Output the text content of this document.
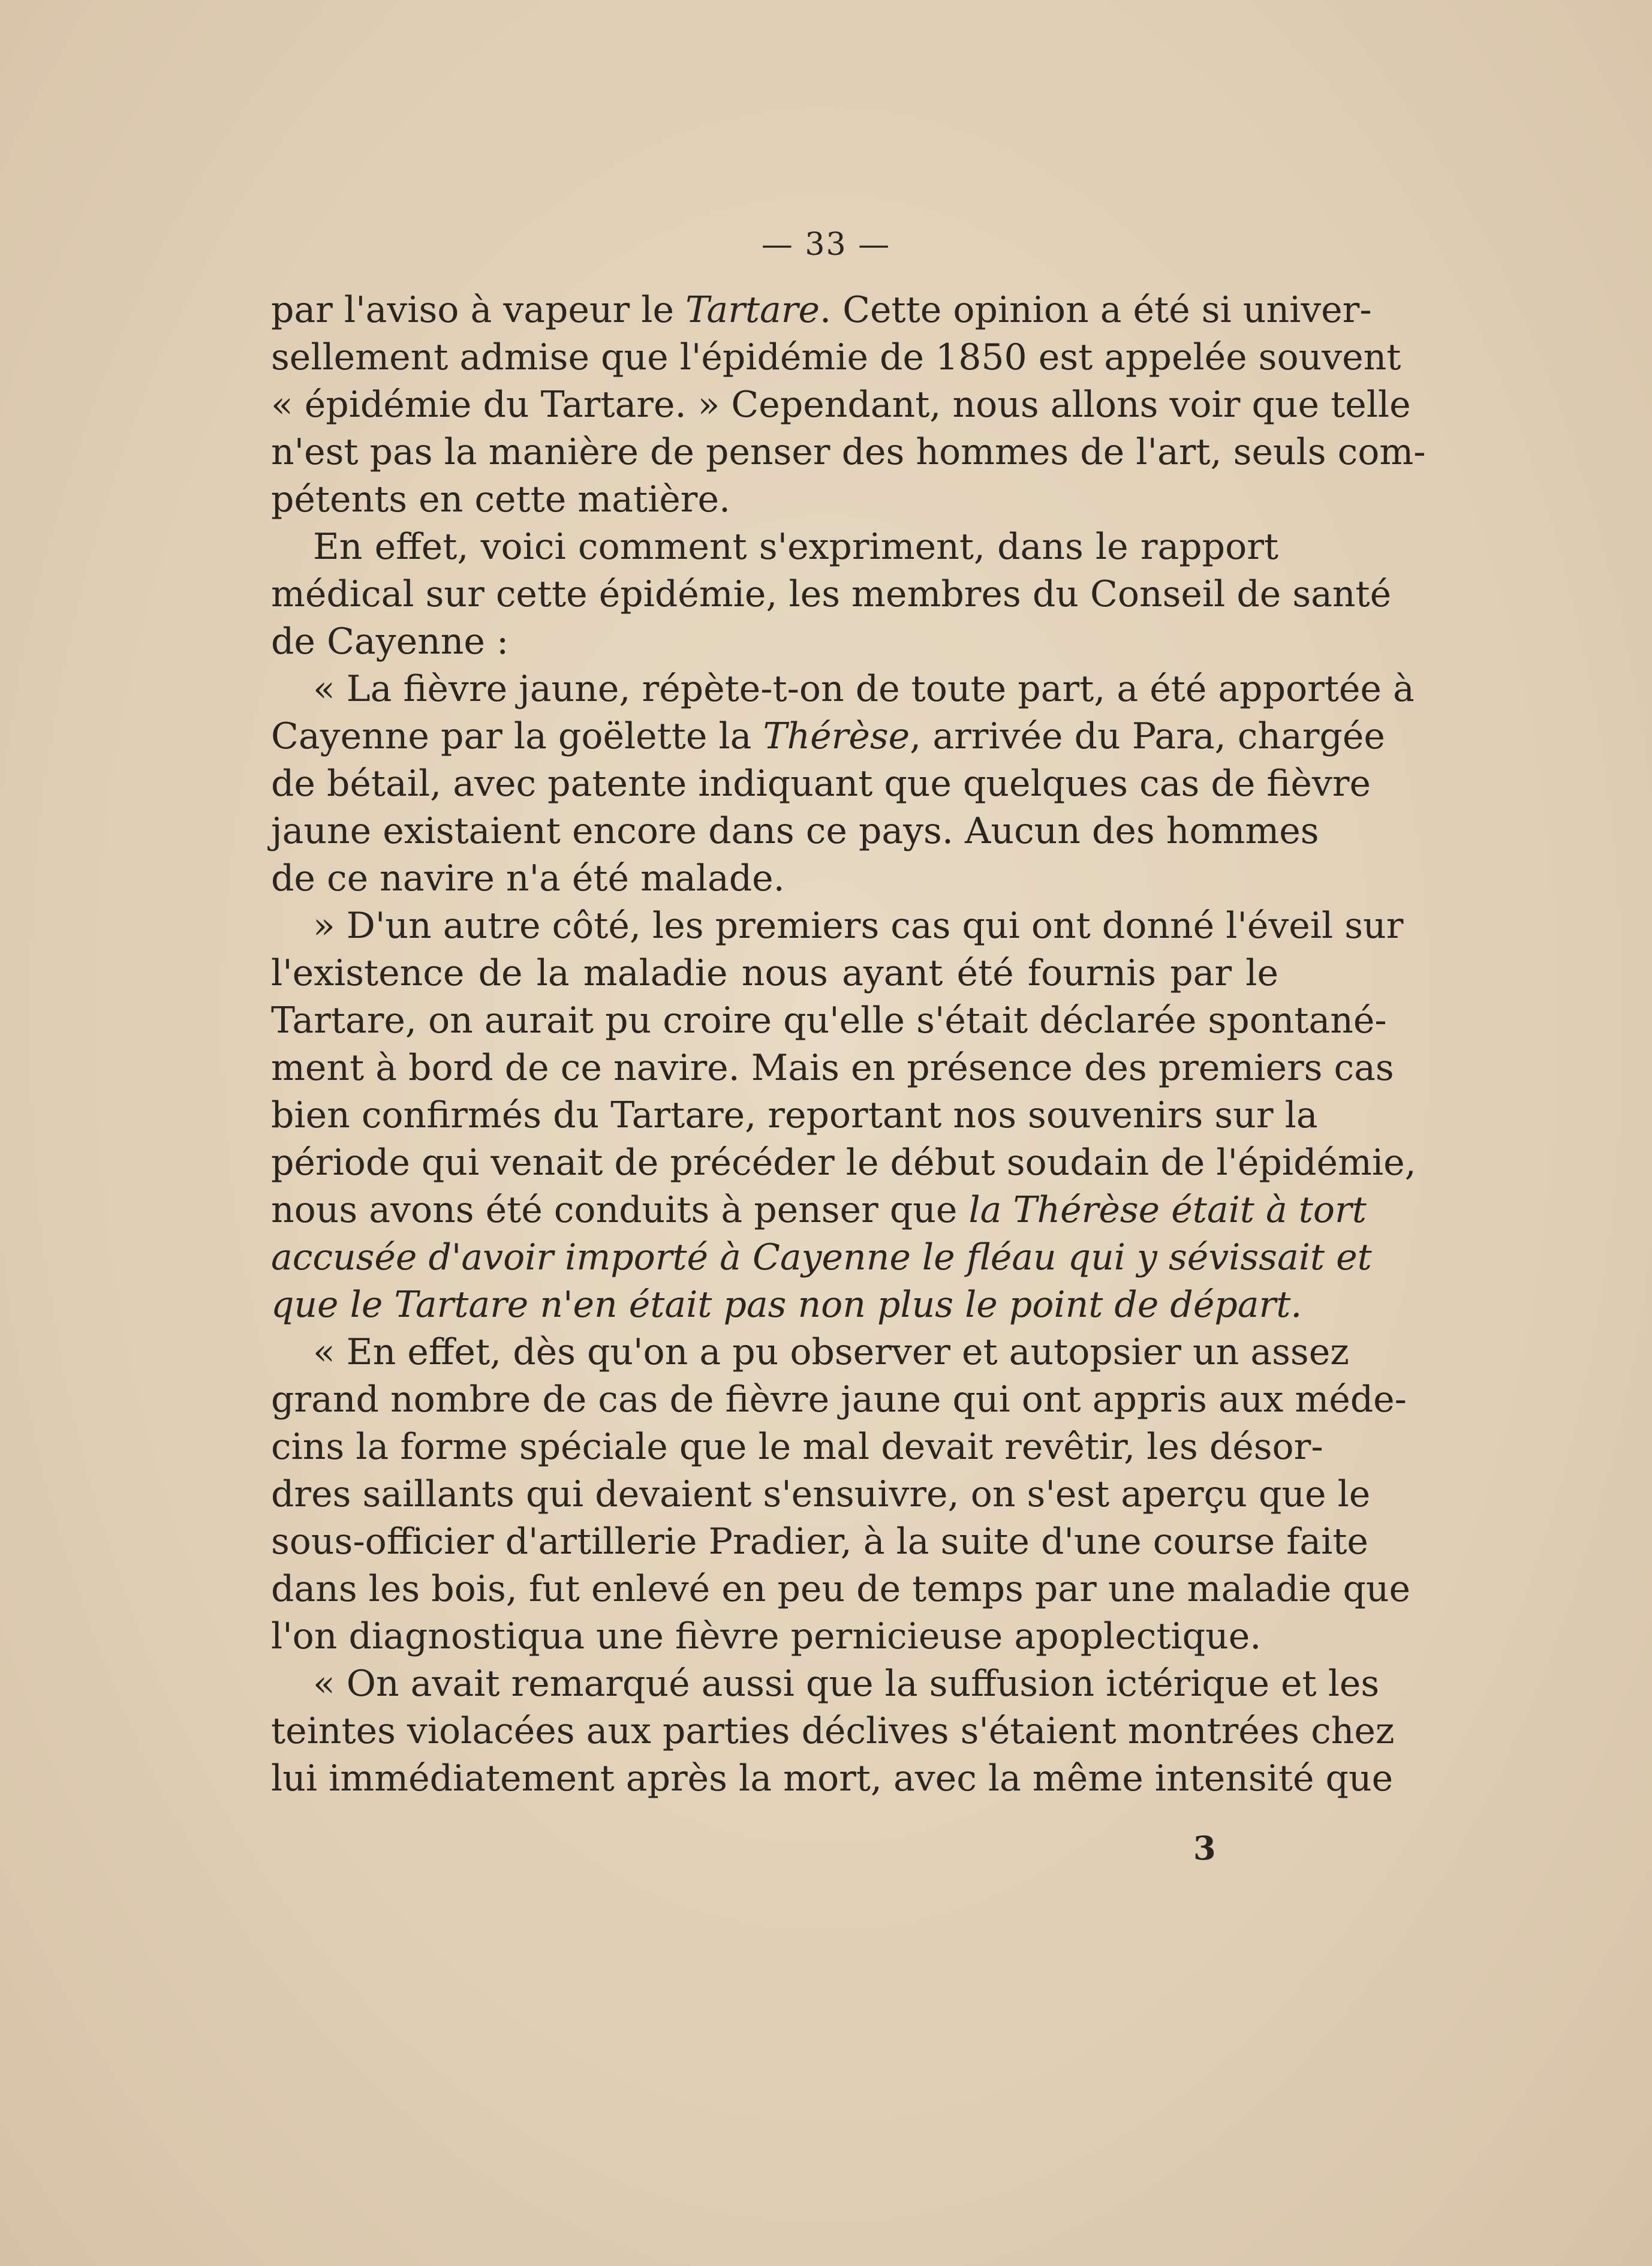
— 33 —
par l'aviso à vapeur le Tartare. Cette opinion a été si univer-
sellement admise que l'épidémie de 1850 est appelée souvent
« épidémie du Tartare. » Cependant, nous allons voir que telle
n'est pas la manière de penser des hommes de l'art, seuls com-
pétents en cette matière.
En effet, voici comment s'expriment, dans le rapport
médical sur cette épidémie, les membres du Conseil de santé
de Cayenne :
« La fièvre jaune, répète-t-on de toute part, a été apportée à
Cayenne par la goëlette la Thérèse, arrivée du Para, chargée
de bétail, avec patente indiquant que quelques cas de fièvre
jaune existaient encore dans ce pays. Aucun des hommes
de ce navire n'a été malade.
» D'un autre côté, les premiers cas qui ont donné l'éveil sur
l'existence de la maladie nous ayant été fournis par le
Tartare, on aurait pu croire qu'elle s'était déclarée spontané-
ment à bord de ce navire. Mais en présence des premiers cas
bien confirmés du Tartare, reportant nos souvenirs sur la
période qui venait de précéder le début soudain de l'épidémie,
nous avons été conduits à penser que la Thérèse était à tort
accusée d'avoir importé à Cayenne le fléau qui y sévissait et
que le Tartare n'en était pas non plus le point de départ.
« En effet, dès qu'on a pu observer et autopsier un assez
grand nombre de cas de fièvre jaune qui ont appris aux méde-
cins la forme spéciale que le mal devait revêtir, les désor-
dres saillants qui devaient s'ensuivre, on s'est aperçu que le
sous-officier d'artillerie Pradier, à la suite d'une course faite
dans les bois, fut enlevé en peu de temps par une maladie que
l'on diagnostiqua une fièvre pernicieuse apoplectique.
« On avait remarqué aussi que la suffusion ictérique et les
teintes violacées aux parties déclives s'étaient montrées chez
lui immédiatement après la mort, avec la même intensité que
3
